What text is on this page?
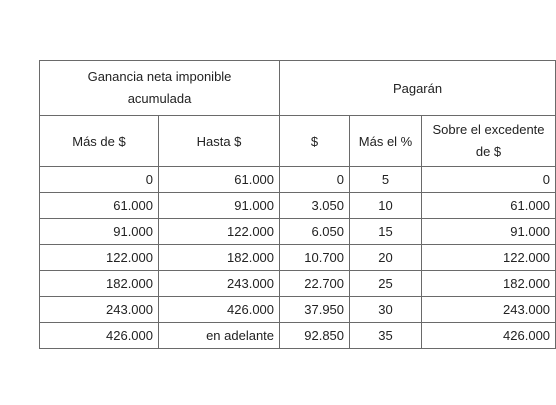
Ganancia neta imponible
acumulada		Pagarán		
Más de $	Hasta $	$	Más el %	Sobre el excedente
de $
0	61.000	0	5	0
61.000	91.000	3.050	10	61.000
91.000	122.000	6.050	15	91.000
122.000	182.000	10.700	20	122.000
182.000	243.000	22.700	25	182.000
243.000	426.000	37.950	30	243.000
426.000	en adelante	92.850	35	426.000
